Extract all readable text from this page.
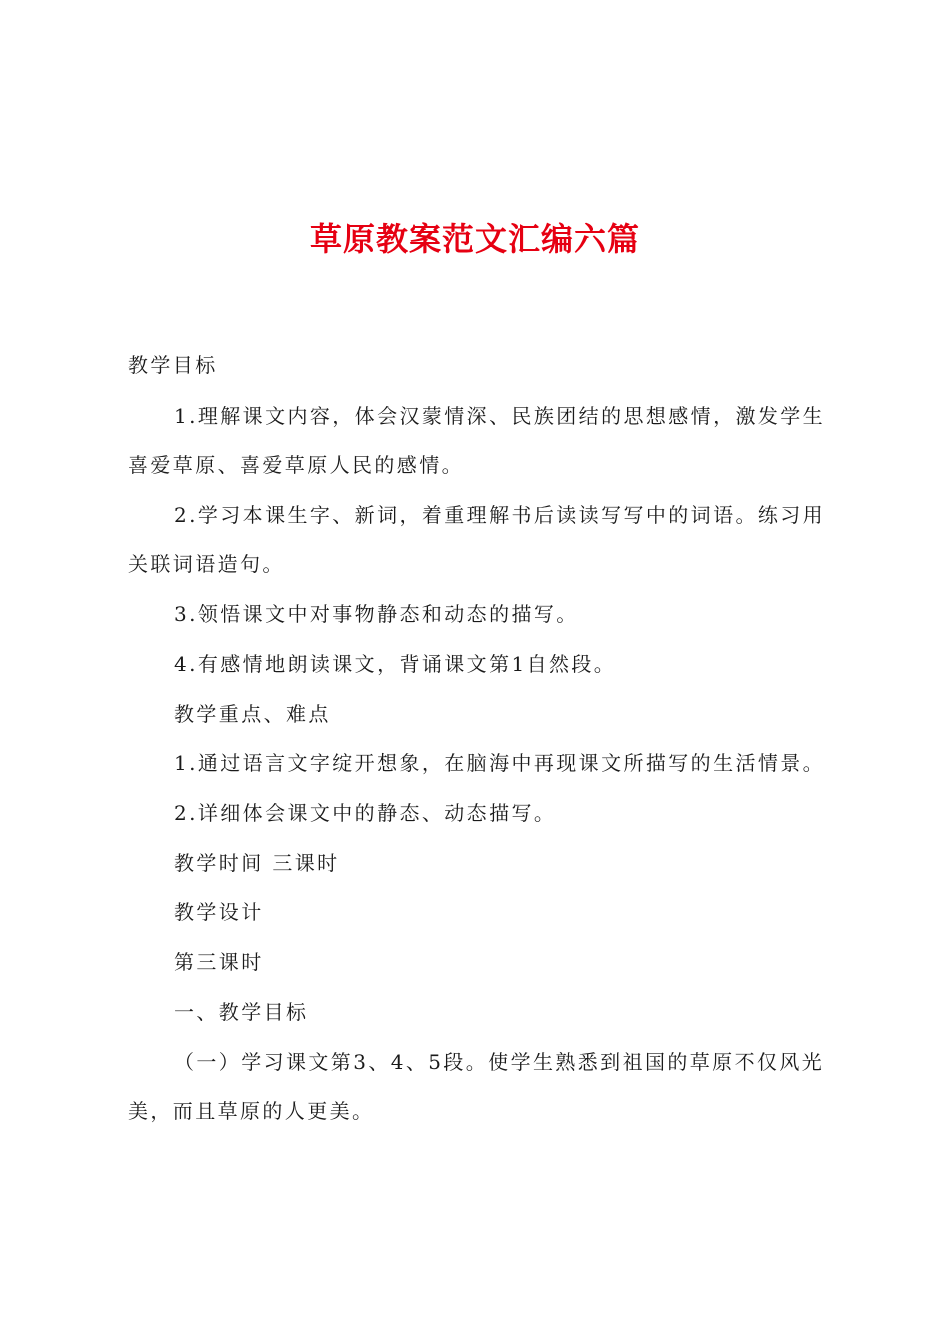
草原教案范文汇编六篇
教学目标
1.理解课文内容，体会汉蒙情深、民族团结的思想感情，激发学生
喜爱草原、喜爱草原人民的感情。
2.学习本课生字、新词，着重理解书后读读写写中的词语。练习用
关联词语造句。
3.领悟课文中对事物静态和动态的描写。
4.有感情地朗读课文，背诵课文第1自然段。
教学重点、难点
1.通过语言文字绽开想象，在脑海中再现课文所描写的生活情景。
2.详细体会课文中的静态、动态描写。
教学时间 三课时
教学设计
第三课时
一、教学目标
（一）学习课文第3、4、5段。使学生熟悉到祖国的草原不仅风光
美，而且草原的人更美。
